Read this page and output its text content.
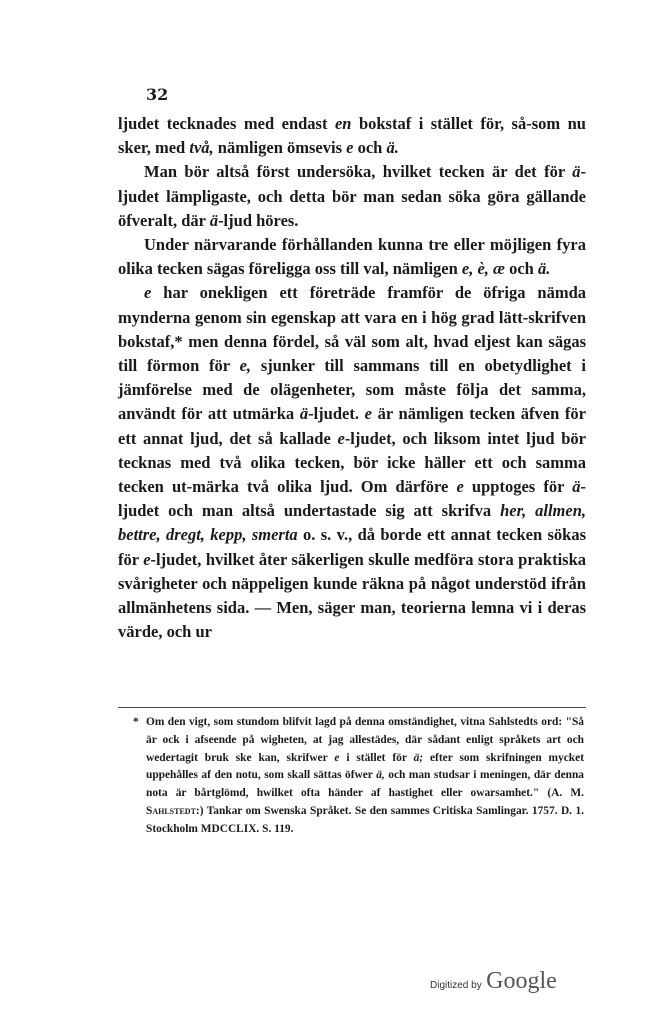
32

ljudet tecknades med endast en bokstaf i stället för, så-som nu sker, med två, nämligen ömsevis e och ä.

Man bör altså först undersöka, hvilket tecken är det för ä-ljudet lämpligaste, och detta bör man sedan söka göra gällande öfveralt, där ä-ljud höres.

Under närvarande förhållanden kunna tre eller möjligen fyra olika tecken sägas föreligga oss till val, nämligen e, è, æ och ä.

e har onekligen ett företräde framför de öfriga nämda mynderna genom sin egenskap att vara en i hög grad lätt-skrifven bokstaf,* men denna fördel, så väl som alt, hvad eljest kan sägas till förmon för e, sjunker till sammans till en obetydlighet i jämförelse med de olägenheter, som måste följa det samma, användt för att utmärka ä-ljudet. e är nämligen tecken äfven för ett annat ljud, det så kallade e-ljudet, och liksom intet ljud bör tecknas med två olika tecken, bör icke häller ett och samma tecken ut-märka två olika ljud. Om därföre e upptoges för ä-ljudet och man altså undertastade sig att skrifva her, allmen, bettre, dregt, kepp, smerta o. s. v., då borde ett annat tecken sökas för e-ljudet, hvilket åter säkerligen skulle medföra stora praktiska svårigheter och näppeligen kunde räkna på något understöd ifrån allmänhetens sida. — Men, säger man, teorierna lemna vi i deras värde, och ur

* Om den vigt, som stundom blifvit lagd på denna omständighet, vitna Sahlstedts ord: "Så är ock i afseende på wigheten, at jag allestädes, där sådant enligt språkets art och wedertagit bruk ske kan, skrifwer e i stället för ä; efter som skrifningen mycket uppehålles af den notu, som skall sättas öfwer ä, och man studsar i meningen, där denna nota är bårtglömd, hwilket ofta händer af hastighet eller owarsamhet." (A. M. Sahlstedt:) Tankar om Swenska Språket. Se den sammes Critiska Samlingar. 1757. D. 1. Stockholm MDCCLIX. S. 119.
Digitized by Google
